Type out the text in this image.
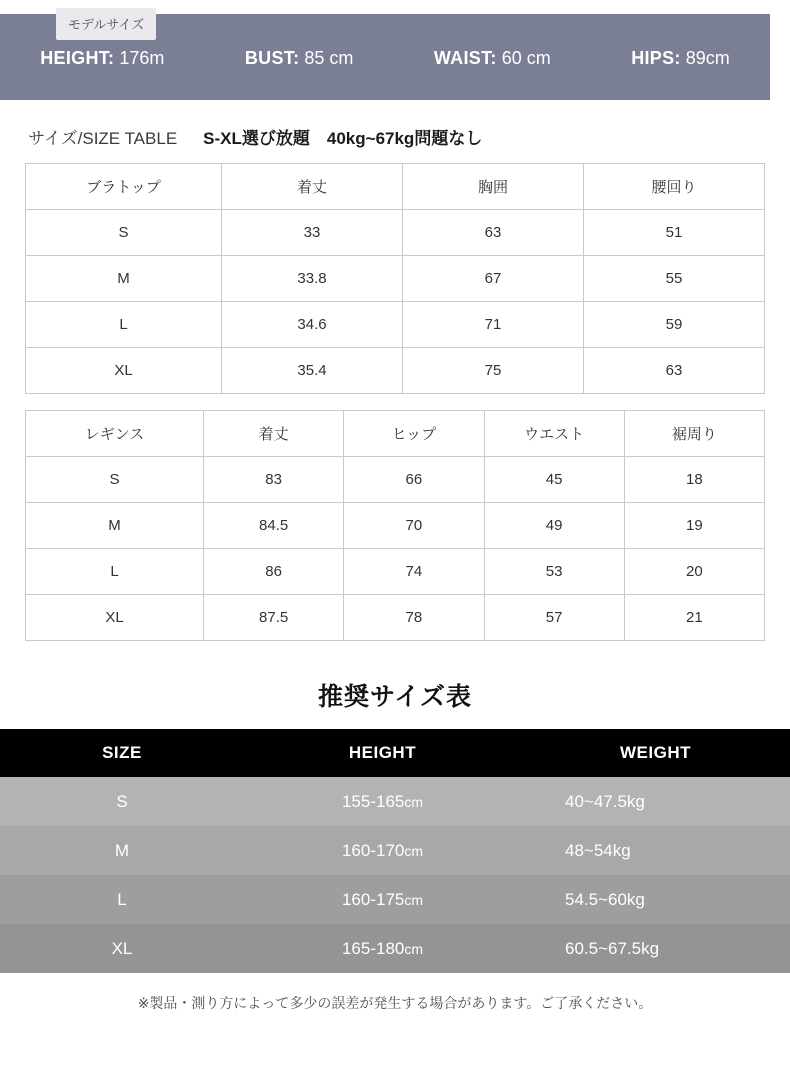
モデルサイズ
HEIGHT: 176m	BUST: 85 cm	WAIST: 60 cm	HIPS: 89cm
サイズ/SIZE TABLE S-XL選び放題　40kg~67kg問題なし
ブラトップ	着丈	胸囲	腰回り
S	33	63	51
M	33.8	67	55
L	34.6	71	59
XL	35.4	75	63
レギンス	着丈	ヒップ	ウエスト	裾周り
S	83	66	45	18
M	84.5	70	49	19
L	86	74	53	20
XL	87.5	78	57	21
推奨サイズ表
SIZE	HEIGHT	WEIGHT
S	155-165cm	40~47.5kg
M	160-170cm	48~54kg
L	160-175cm	54.5~60kg
XL	165-180cm	60.5~67.5kg
※製品・測り方によって多少の誤差が発生する場合があります。ご了承ください。
